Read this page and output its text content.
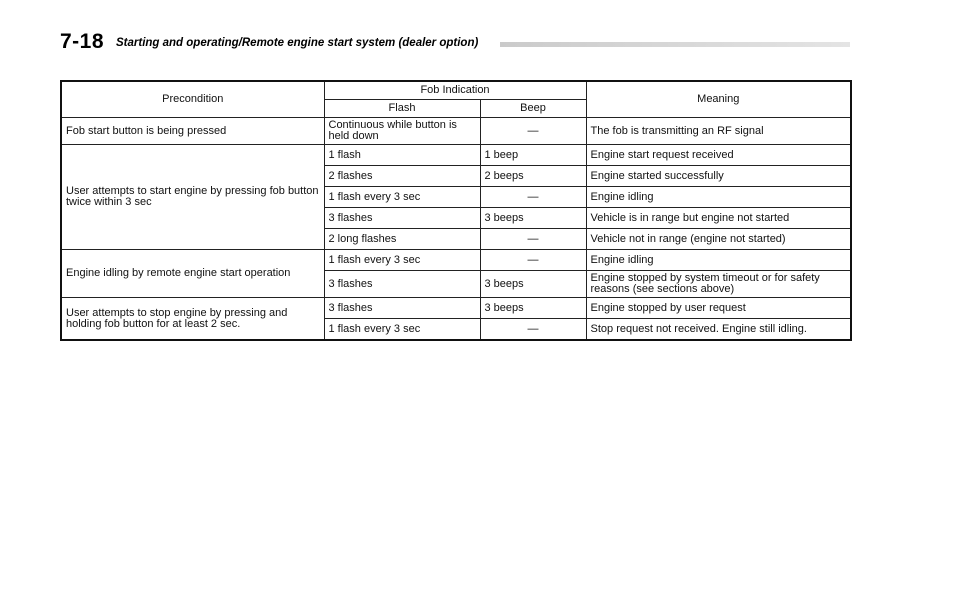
7-18 Starting and operating/Remote engine start system (dealer option)
Precondition	Fob Indication		Meaning
	Flash	Beep	
Fob start button is being pressed	Continuous while button is held down	—	The fob is transmitting an RF signal
User attempts to start engine by pressing fob button twice within 3 sec	1 flash	1 beep	Engine start request received
	2 flashes	2 beeps	Engine started successfully
	1 flash every 3 sec	—	Engine idling
	3 flashes	3 beeps	Vehicle is in range but engine not started
	2 long flashes	—	Vehicle not in range (engine not started)
Engine idling by remote engine start operation	1 flash every 3 sec	—	Engine idling
	3 flashes	3 beeps	Engine stopped by system timeout or for safety reasons (see sections above)
User attempts to stop engine by pressing and holding fob button for at least 2 sec.	3 flashes	3 beeps	Engine stopped by user request
	1 flash every 3 sec	—	Stop request not received. Engine still idling.
